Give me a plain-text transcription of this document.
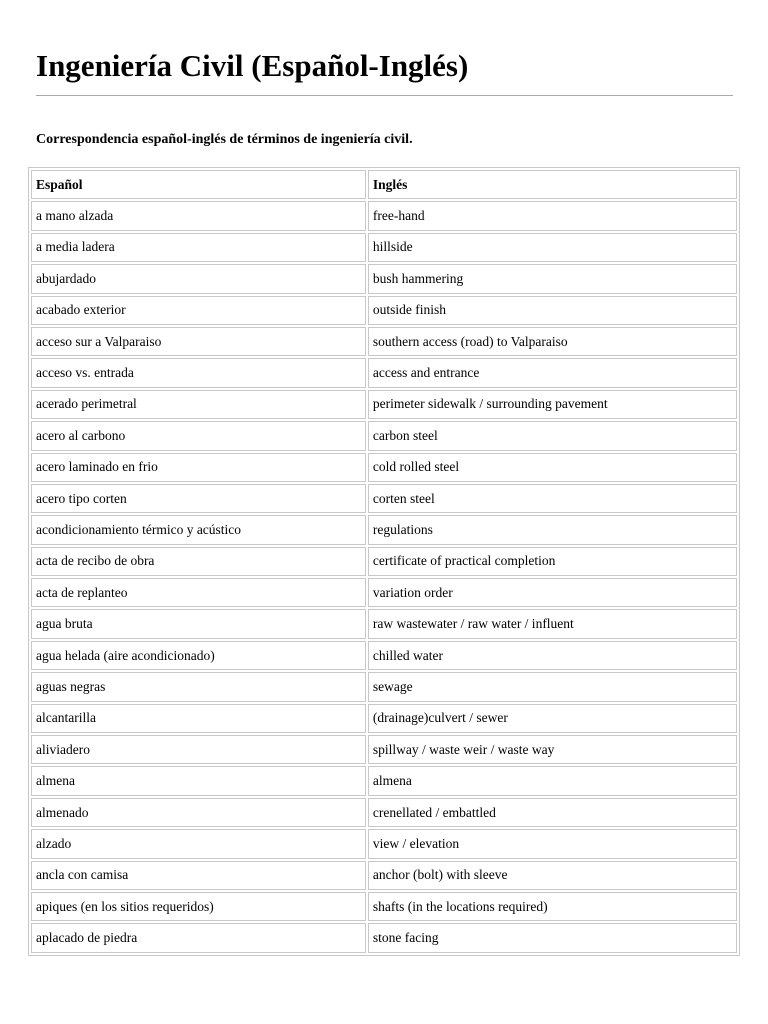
Ingeniería Civil (Español-Inglés)

Correspondencia español-inglés de términos de ingeniería civil.

Español	Inglés
a mano alzada	free-hand
a media ladera	hillside
abujardado	bush hammering
acabado exterior	outside finish
acceso sur a Valparaiso	southern access (road) to Valparaiso
acceso vs. entrada	access and entrance
acerado perimetral	perimeter sidewalk / surrounding pavement
acero al carbono	carbon steel
acero laminado en frio	cold rolled steel
acero tipo corten	corten steel
acondicionamiento térmico y acústico	regulations
acta de recibo de obra	certificate of practical completion
acta de replanteo	variation order
agua bruta	raw wastewater / raw water / influent
agua helada (aire acondicionado)	chilled water
aguas negras	sewage
alcantarilla	(drainage)culvert / sewer
aliviadero	spillway / waste weir / waste way
almena	almena
almenado	crenellated / embattled
alzado	view / elevation
ancla con camisa	anchor (bolt) with sleeve
apiques (en los sitios requeridos)	shafts (in the locations required)
aplacado de piedra	stone facing
